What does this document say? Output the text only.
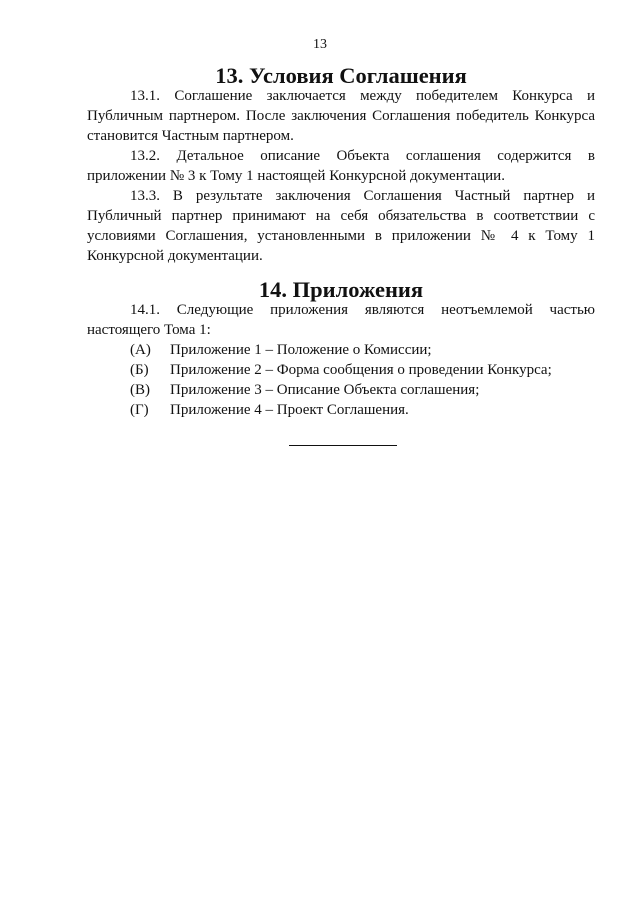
13
13. Условия Соглашения

13.1. Соглашение заключается между победителем Конкурса и Публичным партнером. После заключения Соглашения победитель Конкурса становится Частным партнером.

13.2. Детальное описание Объекта соглашения содержится в приложении № 3 к Тому 1 настоящей Конкурсной документации.

13.3. В результате заключения Соглашения Частный партнер и Публичный партнер принимают на себя обязательства в соответствии с условиями Соглашения, установленными в приложении № 4 к Тому 1 Конкурсной документации.

14. Приложения

14.1. Следующие приложения являются неотъемлемой частью настоящего Тома 1:

(А)	Приложение 1 – Положение о Комиссии;
(Б)	Приложение 2 – Форма сообщения о проведении Конкурса;
(В)	Приложение 3 – Описание Объекта соглашения;
(Г)	Приложение 4 – Проект Соглашения.
